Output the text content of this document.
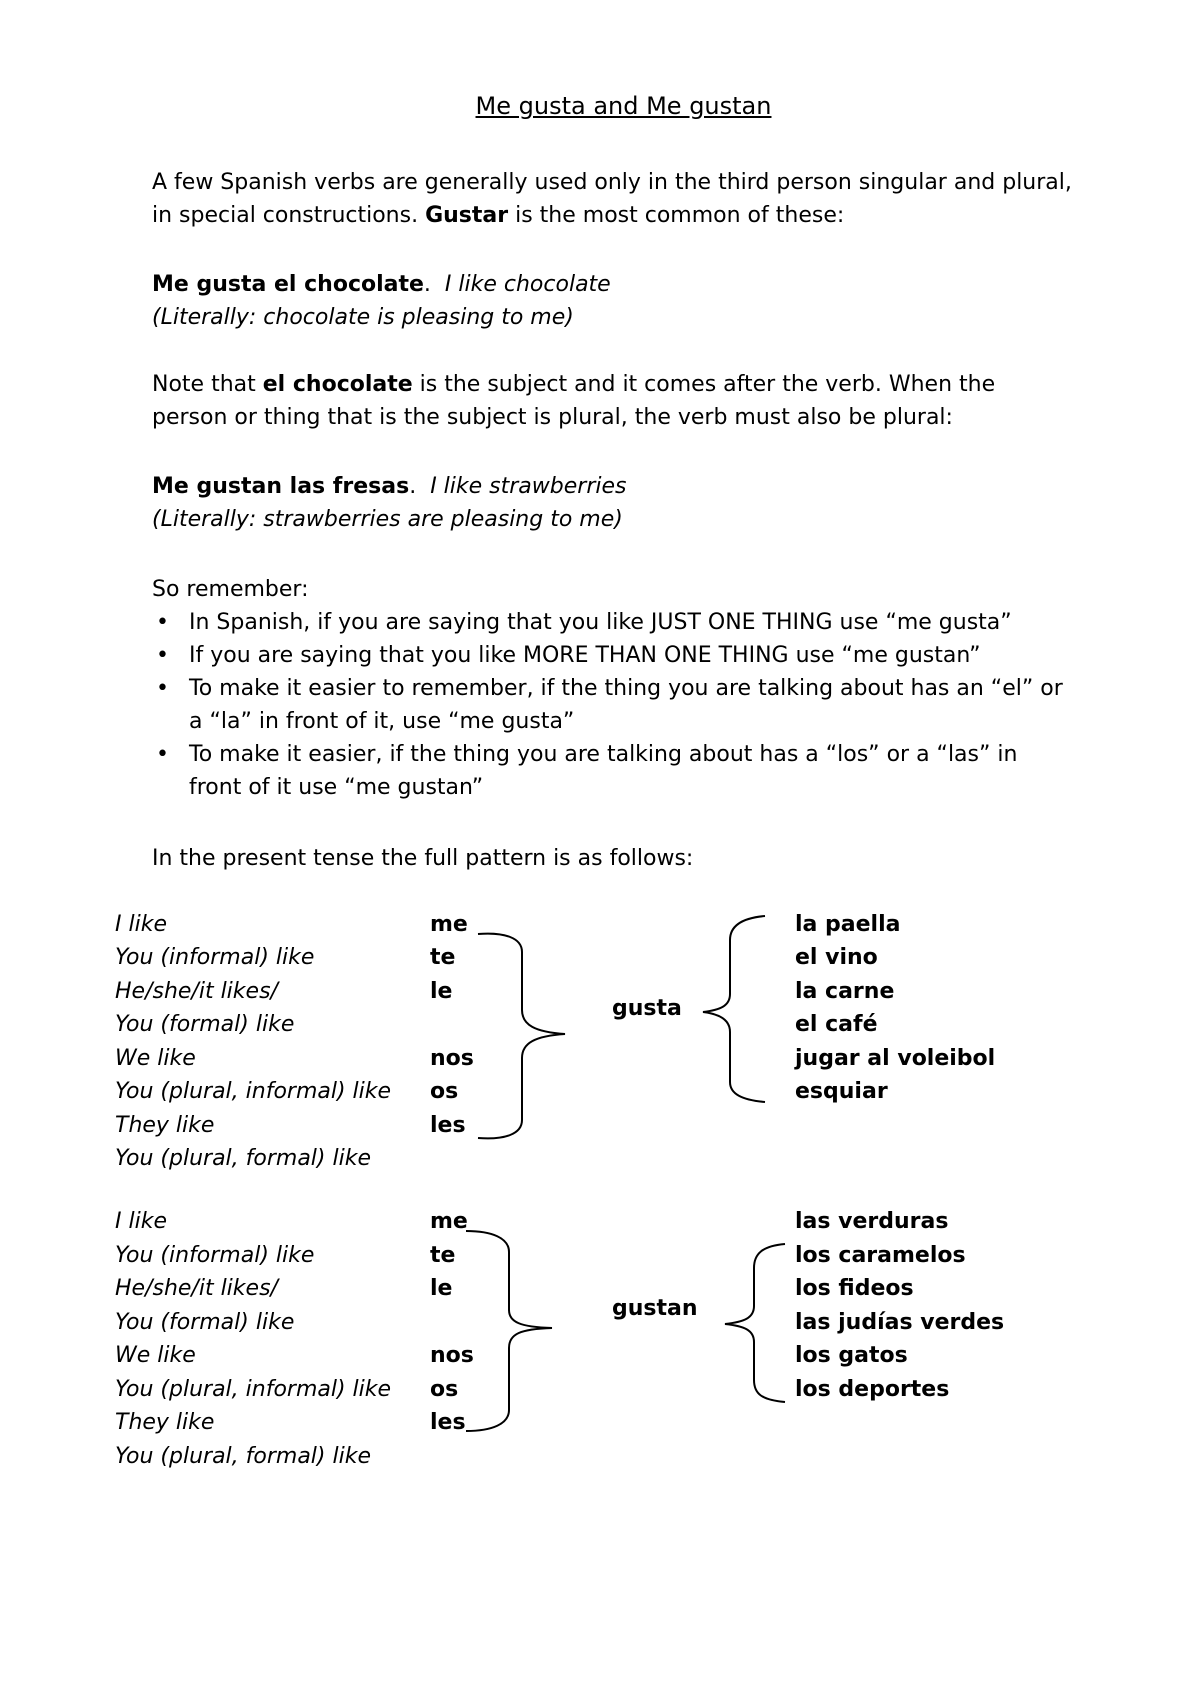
Me gusta and Me gustan
A few Spanish verbs are generally used only in the third person singular and plural,
in special constructions. Gustar is the most common of these:
Me gusta el chocolate. I like chocolate
(Literally: chocolate is pleasing to me)
Note that el chocolate is the subject and it comes after the verb. When the
person or thing that is the subject is plural, the verb must also be plural:
Me gustan las fresas. I like strawberries
(Literally: strawberries are pleasing to me)
So remember:
• In Spanish, if you are saying that you like JUST ONE THING use “me gusta”
• If you are saying that you like MORE THAN ONE THING use “me gustan”
• To make it easier to remember, if the thing you are talking about has an “el” or
a “la” in front of it, use “me gusta”
• To make it easier, if the thing you are talking about has a “los” or a “las” in
front of it use “me gustan”
In the present tense the full pattern is as follows:
I like
You (informal) like
He/she/it likes/
You (formal) like
We like
You (plural, informal) like
They like
You (plural, formal) like
me
te
le
nos
os
les
gusta
la paella
el vino
la carne
el café
jugar al voleibol
esquiar
I like
You (informal) like
He/she/it likes/
You (formal) like
We like
You (plural, informal) like
They like
You (plural, formal) like
me
te
le
nos
os
les
gustan
las verduras
los caramelos
los fideos
las judías verdes
los gatos
los deportes
